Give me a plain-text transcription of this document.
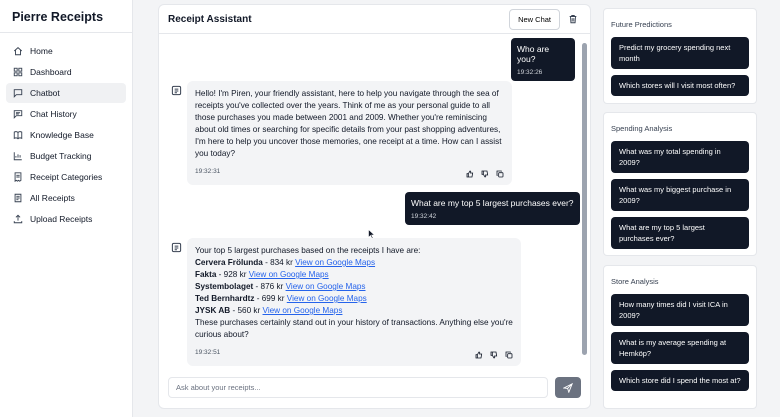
Pierre Receipts
Home
Dashboard
Chatbot
Chat History
Knowledge Base
Budget Tracking
Receipt Categories
All Receipts
Upload Receipts
Receipt Assistant	New Chat
Who are you?
19:32:26
Hello! I'm Piren, your friendly assistant, here to help you navigate through the sea of receipts you've collected over the years. Think of me as your personal guide to all those purchases you made between 2001 and 2009. Whether you're reminiscing about old times or searching for specific details from your past shopping adventures, I'm here to help you uncover those memories, one receipt at a time. How can I assist you today?
19:32:31
What are my top 5 largest purchases ever?
19:32:42
Your top 5 largest purchases based on the receipts I have are:
Cervera Frölunda - 834 kr View on Google Maps
Fakta - 928 kr View on Google Maps
Systembolaget - 876 kr View on Google Maps
Ted Bernhardtz - 699 kr View on Google Maps
JYSK AB - 560 kr View on Google Maps
These purchases certainly stand out in your history of transactions. Anything else you're curious about?
19:32:51
Ask about your receipts...
Future Predictions
Predict my grocery spending next month
Which stores will I visit most often?
Spending Analysis
What was my total spending in 2009?
What was my biggest purchase in 2009?
What are my top 5 largest purchases ever?
Store Analysis
How many times did I visit ICA in 2009?
What is my average spending at Hemköp?
Which store did I spend the most at?
